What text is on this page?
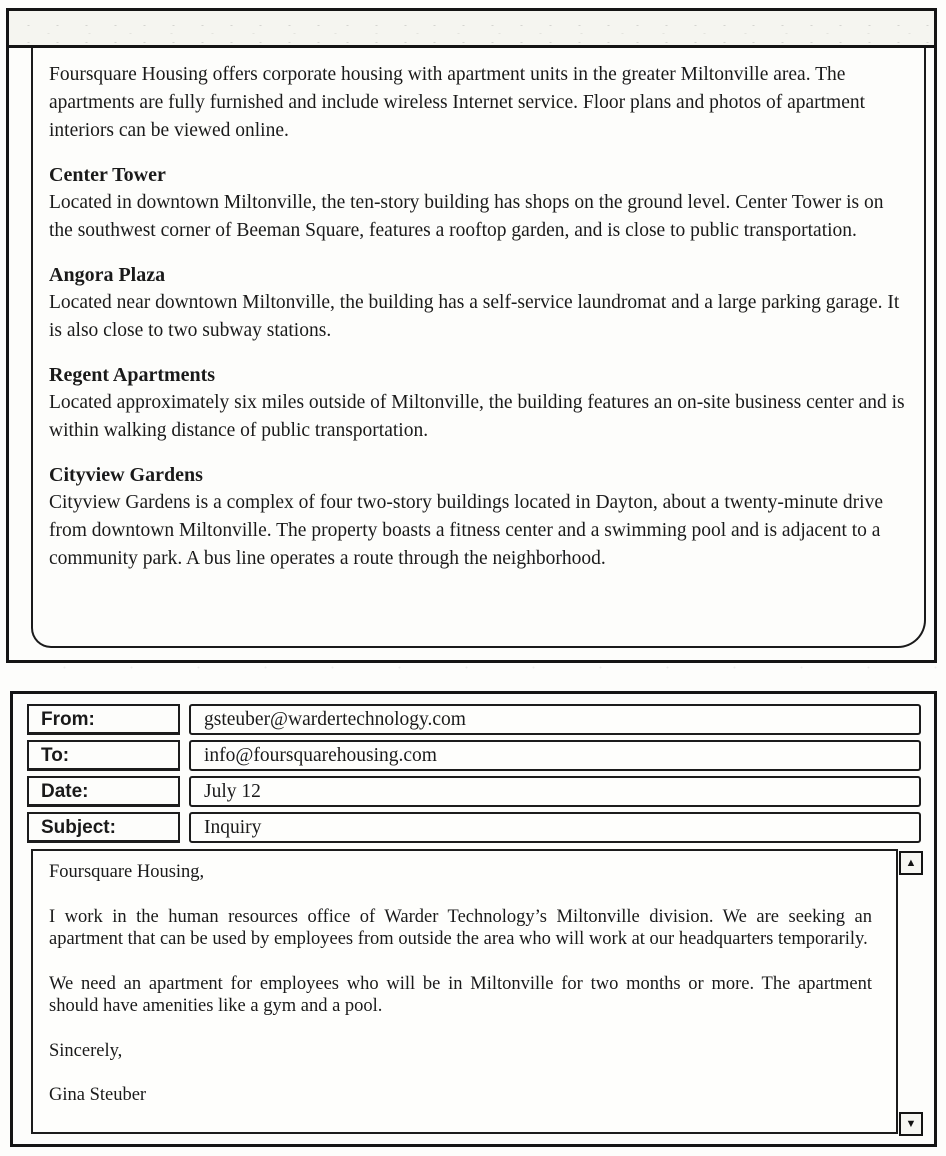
Foursquare Housing offers corporate housing with apartment units in the greater Miltonville area. The apartments are fully furnished and include wireless Internet service. Floor plans and photos of apartment interiors can be viewed online.

Center Tower

Located in downtown Miltonville, the ten-story building has shops on the ground level. Center Tower is on the southwest corner of Beeman Square, features a rooftop garden, and is close to public transportation.

Angora Plaza

Located near downtown Miltonville, the building has a self-service laundromat and a large parking garage. It is also close to two subway stations.

Regent Apartments

Located approximately six miles outside of Miltonville, the building features an on-site business center and is within walking distance of public transportation.

Cityview Gardens

Cityview Gardens is a complex of four two-story buildings located in Dayton, about a twenty-minute drive from downtown Miltonville. The property boasts a fitness center and a swimming pool and is adjacent to a community park. A bus line operates a route through the neighborhood.

From:	gsteuber@wardertechnology.com
To:	info@foursquarehousing.com
Date:	July 12
Subject:	Inquiry

Foursquare Housing,

I work in the human resources office of Warder Technology’s Miltonville division. We are seeking an apartment that can be used by employees from outside the area who will work at our headquarters temporarily.

We need an apartment for employees who will be in Miltonville for two months or more. The apartment should have amenities like a gym and a pool.

Sincerely,

Gina Steuber

▲
▼
